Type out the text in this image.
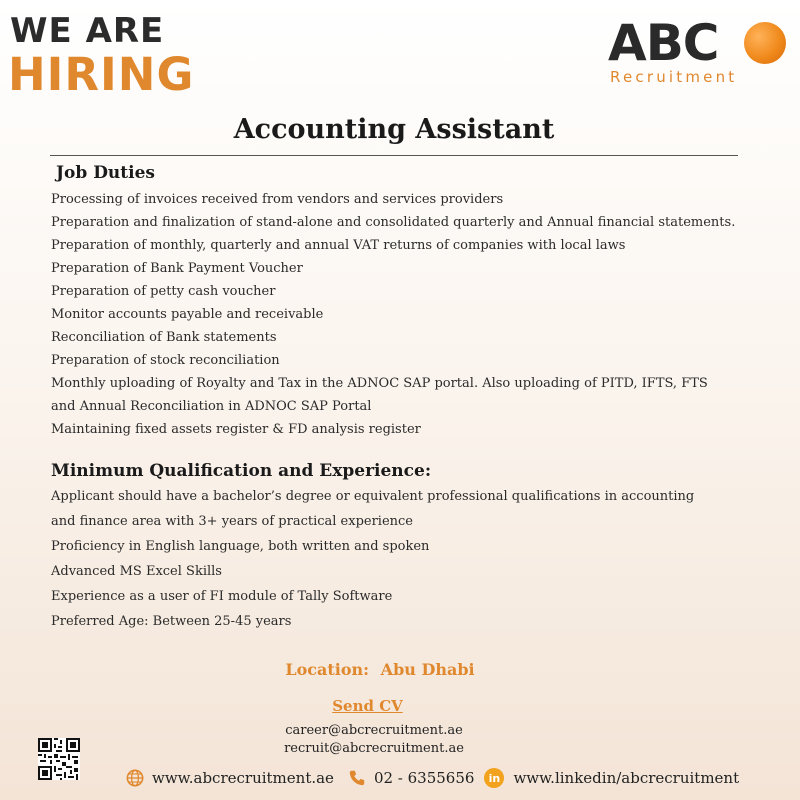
WE ARE
HIRING
ABC
Recruitment
Accounting Assistant
Job Duties
Processing of invoices received from vendors and services providers
Preparation and finalization of stand-alone and consolidated quarterly and Annual financial statements.
Preparation of monthly, quarterly and annual VAT returns of companies with local laws
Preparation of Bank Payment Voucher
Preparation of petty cash voucher
Monitor accounts payable and receivable
Reconciliation of Bank statements
Preparation of stock reconciliation
Monthly uploading of Royalty and Tax in the ADNOC SAP portal. Also uploading of PITD, IFTS, FTS
and Annual Reconciliation in ADNOC SAP Portal
Maintaining fixed assets register & FD analysis register
Minimum Qualification and Experience:
Applicant should have a bachelor’s degree or equivalent professional qualifications in accounting
and finance area with 3+ years of practical experience
Proficiency in English language, both written and spoken
Advanced MS Excel Skills
Experience as a user of FI module of Tally Software
Preferred Age: Between 25-45 years
Location: Abu Dhabi
Send CV
career@abcrecruitment.ae
recruit@abcrecruitment.ae
www.abcrecruitment.ae	02 - 6355656	in www.linkedin/abcrecruitment
